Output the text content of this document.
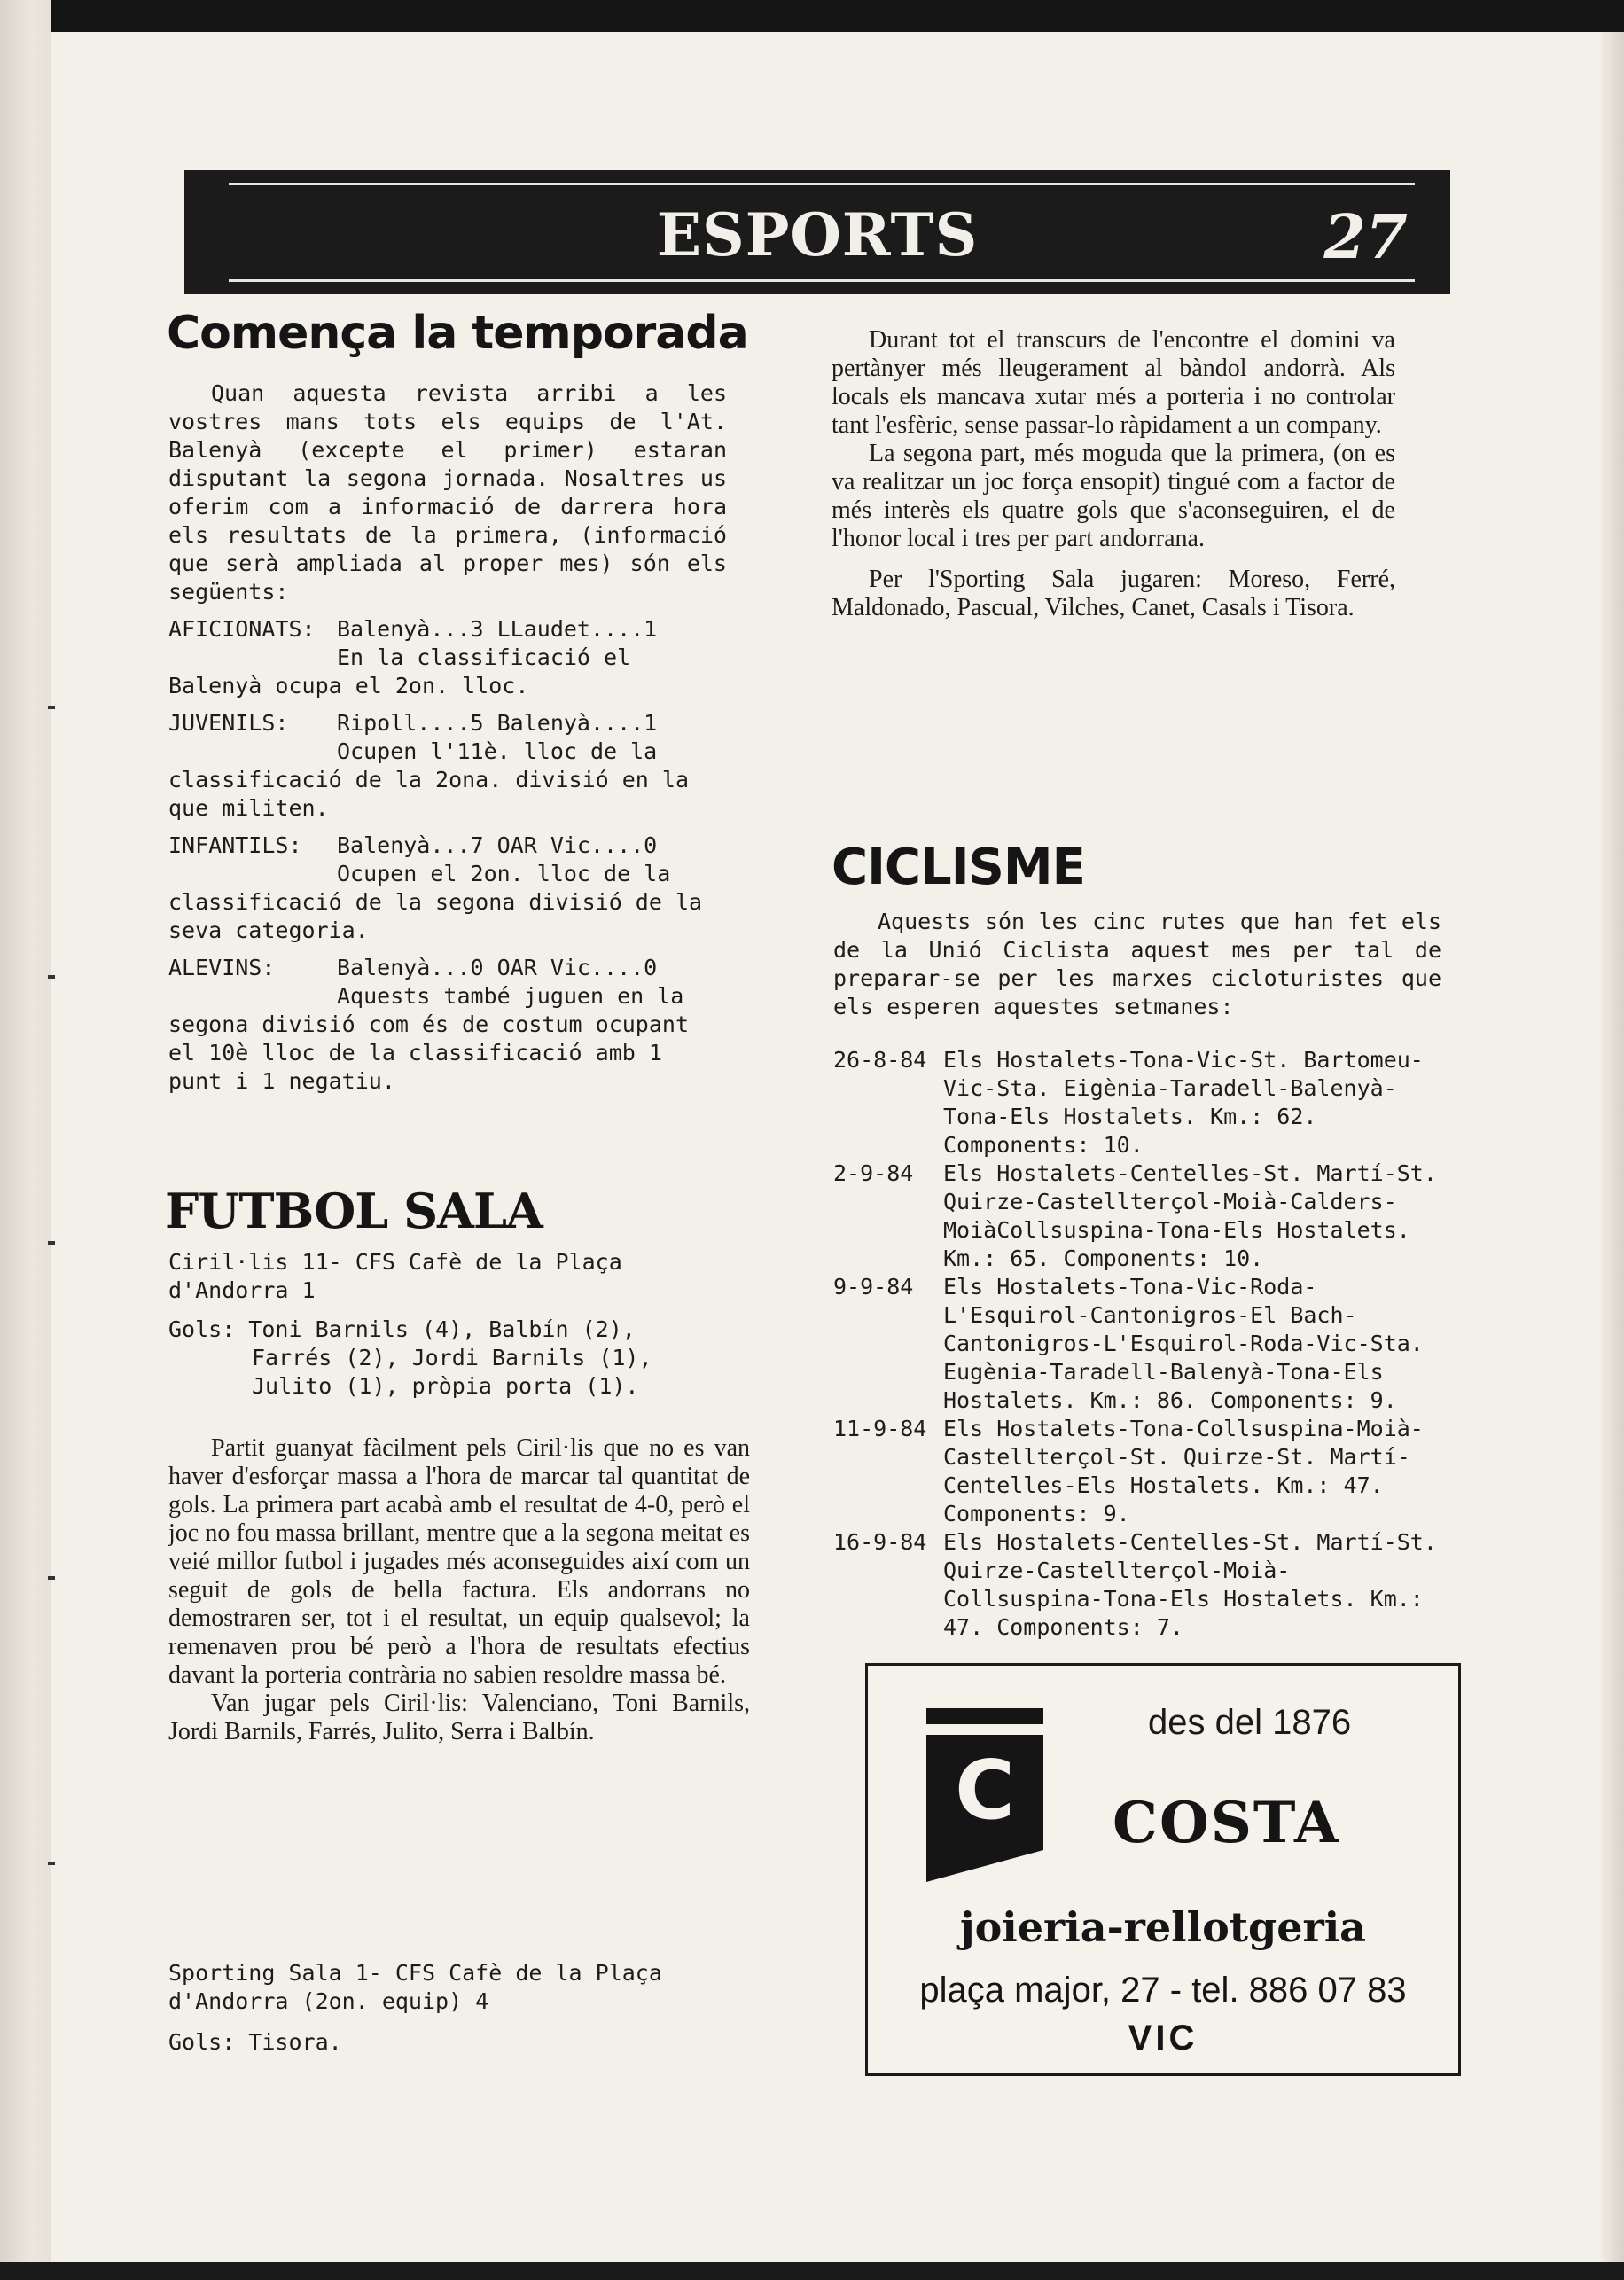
ESPORTS	27
Comença la temporada

Quan aquesta revista arribi a les vostres mans tots els equips de l'At. Balenyà (excepte el primer) estaran disputant la segona jornada. Nosaltres us oferim com a informació de darrera hora els resultats de la primera, (informació que serà ampliada al proper mes) són els següents:

AFICIONATS: Balenyà...3 LLaudet....1

En la classificació el Balenyà ocupa el 2on. lloc.

JUVENILS: Ripoll....5 Balenyà....1

Ocupen l'11è. lloc de la classificació de la 2ona. divisió en la que militen.

INFANTILS: Balenyà...7 OAR Vic....0

Ocupen el 2on. lloc de la classificació de la segona divisió de la seva categoria.

ALEVINS:	Balenyà...0 OAR Vic....0

Aquests també juguen en la segona divisió com és de costum ocupant el 10è lloc de la classificació amb 1 punt i 1 negatiu.

FUTBOL SALA

Ciril·lis 11- CFS Cafè de la Plaça d'Andorra 1

Gols: Toni Barnils (4), Balbín (2),
Farrés (2), Jordi Barnils (1),
Julito (1), pròpia porta (1).

Partit guanyat fàcilment pels Ciril·lis que no es van haver d'esforçar massa a l'hora de marcar tal quantitat de gols. La primera part acabà amb el resultat de 4-0, però el joc no fou massa brillant, mentre que a la segona meitat es veié millor futbol i jugades més aconseguides així com un seguit de gols de bella factura. Els andorrans no demostraren ser, tot i el resultat, un equip qualsevol; la remenaven prou bé però a l'hora de resultats efectius davant la porteria contrària no sabien resoldre massa bé.

Van jugar pels Ciril·lis: Valenciano, Toni Barnils, Jordi Barnils, Farrés, Julito, Serra i Balbín.

Sporting Sala 1- CFS Cafè de la Plaça d'Andorra (2on. equip) 4

Gols: Tisora.

Durant tot el transcurs de l'encontre el domini va pertànyer més lleugerament al bàndol andorrà. Als locals els mancava xutar més a porteria i no controlar tant l'esfèric, sense passar-lo ràpidament a un company.

La segona part, més moguda que la primera, (on es va realitzar un joc força ensopit) tingué com a factor de més interès els quatre gols que s'aconseguiren, el de l'honor local i tres per part andorrana.

Per l'Sporting Sala jugaren: Moreso, Ferré, Maldonado, Pascual, Vilches, Canet, Casals i Tisora.

CICLISME

Aquests són les cinc rutes que han fet els de la Unió Ciclista aquest mes per tal de preparar-se per les marxes cicloturistes que els esperen aquestes setmanes:

26-8-84 Els Hostalets-Tona-Vic-St. Bartomeu-Vic-Sta. Eigènia-Taradell-Balenyà-Tona-Els Hostalets. Km.: 62. Components: 10.
2-9-84	Els Hostalets-Centelles-St. Martí-St. Quirze-Castellterçol-Moià-Calders-MoiàCollsuspina-Tona-Els Hostalets. Km.: 65. Components: 10.
9-9-84	Els Hostalets-Tona-Vic-Roda-L'Esquirol-Cantonigros-El Bach-Cantonigros-L'Esquirol-Roda-Vic-Sta. Eugènia-Taradell-Balenyà-Tona-Els Hostalets. Km.: 86. Components: 9.
11-9-84 Els Hostalets-Tona-Collsuspina-Moià-Castellterçol-St. Quirze-St. Martí-Centelles-Els Hostalets. Km.: 47. Components: 9.
16-9-84 Els Hostalets-Centelles-St. Martí-St. Quirze-Castellterçol-Moià-Collsuspina-Tona-Els Hostalets. Km.: 47. Components: 7.
C
des del 1876
COSTA
joieria-rellotgeria
plaça major, 27 - tel. 886 07 83
VIC
